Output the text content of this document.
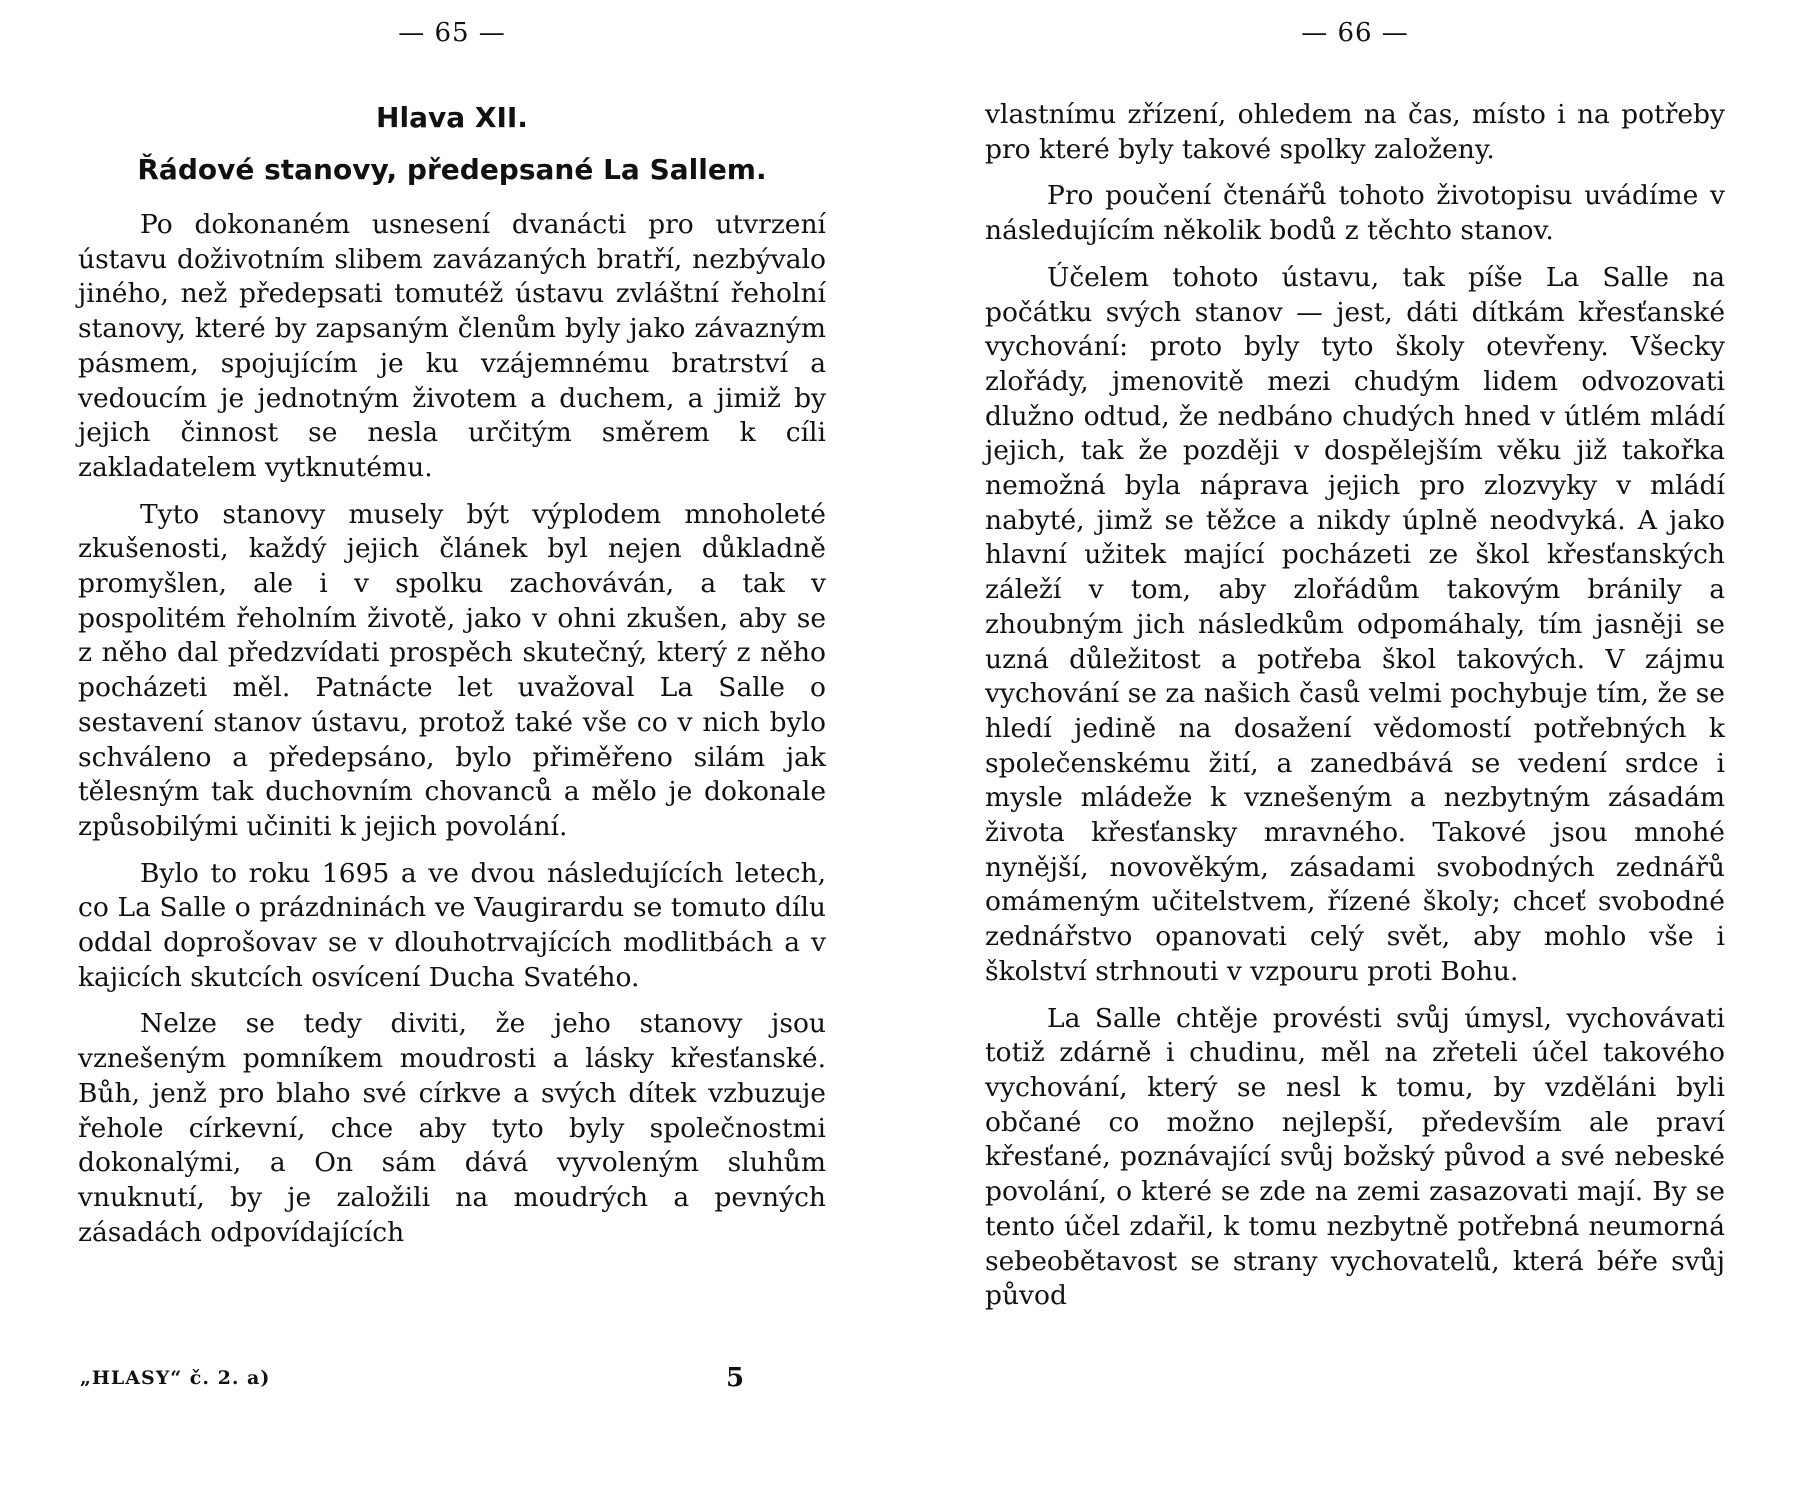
— 65 —
Hlava XII.
Řádové stanovy, předepsané La Sallem.

Po dokonaném usnesení dvanácti pro utvrzení ústavu doživotním slibem zavázaných bratří, nezbývalo jiného, než předepsati tomutéž ústavu zvláštní řeholní stanovy, které by zapsaným členům byly jako závazným pásmem, spojujícím je ku vzájemnému bratrství a vedoucím je jednotným životem a duchem, a jimiž by jejich činnost se nesla určitým směrem k cíli zakladatelem vytknutému.

Tyto stanovy musely být výplodem mnoholeté zkušenosti, každý jejich článek byl nejen důkladně promyšlen, ale i v spolku zachováván, a tak v pospolitém řeholním životě, jako v ohni zkušen, aby se z něho dal předzvídati prospěch skutečný, který z něho pocházeti měl. Patnácte let uvažoval La Salle o sestavení stanov ústavu, protož také vše co v nich bylo schváleno a předepsáno, bylo přiměřeno silám jak tělesným tak duchovním chovanců a mělo je dokonale způsobilými učiniti k jejich povolání.

Bylo to roku 1695 a ve dvou následujících letech, co La Salle o prázdninách ve Vaugirardu se tomuto dílu oddal doprošovav se v dlouhotrvajících modlitbách a v kajicích skutcích osvícení Ducha Svatého.

Nelze se tedy diviti, že jeho stanovy jsou vznešeným pomníkem moudrosti a lásky křesťanské. Bůh, jenž pro blaho své církve a svých dítek vzbuzuje řehole církevní, chce aby tyto byly společnostmi dokonalými, a On sám dává vyvoleným sluhům vnuknutí, by je založili na moudrých a pevných zásadách odpovídajících

„HLASY“ č. 2. a)	5
— 66 —

vlastnímu zřízení, ohledem na čas, místo i na potřeby pro které byly takové spolky založeny.

Pro poučení čtenářů tohoto životopisu uvádíme v následujícím několik bodů z těchto stanov.

Účelem tohoto ústavu, tak píše La Salle na počátku svých stanov — jest, dáti dítkám křesťanské vychování: proto byly tyto školy otevřeny. Všecky zlořády, jmenovitě mezi chudým lidem odvozovati dlužno odtud, že nedbáno chudých hned v útlém mládí jejich, tak že později v dospělejším věku již takořka nemožná byla náprava jejich pro zlozvyky v mládí nabyté, jimž se těžce a nikdy úplně neodvyká. A jako hlavní užitek mající pocházeti ze škol křesťanských záleží v tom, aby zlořádům takovým bránily a zhoubným jich následkům odpomáhaly, tím jasněji se uzná důležitost a potřeba škol takových. V zájmu vychování se za našich časů velmi pochybuje tím, že se hledí jedině na dosažení vědomostí potřebných k společenskému žití, a zanedbává se vedení srdce i mysle mládeže k vznešeným a nezbytným zásadám života křesťansky mravného. Takové jsou mnohé nynější, novověkým, zásadami svobodných zednářů omámeným učitelstvem, řízené školy; chceť svobodné zednářstvo opanovati celý svět, aby mohlo vše i školství strhnouti v vzpouru proti Bohu.

La Salle chtěje provésti svůj úmysl, vychovávati totiž zdárně i chudinu, měl na zřeteli účel takového vychování, který se nesl k tomu, by vzděláni byli občané co možno nejlepší, především ale praví křesťané, poznávající svůj božský původ a své nebeské povolání, o které se zde na zemi zasazovati mají. By se tento účel zdařil, k tomu nezbytně potřebná neumorná sebeobětavost se strany vychovatelů, která béře svůj původ
